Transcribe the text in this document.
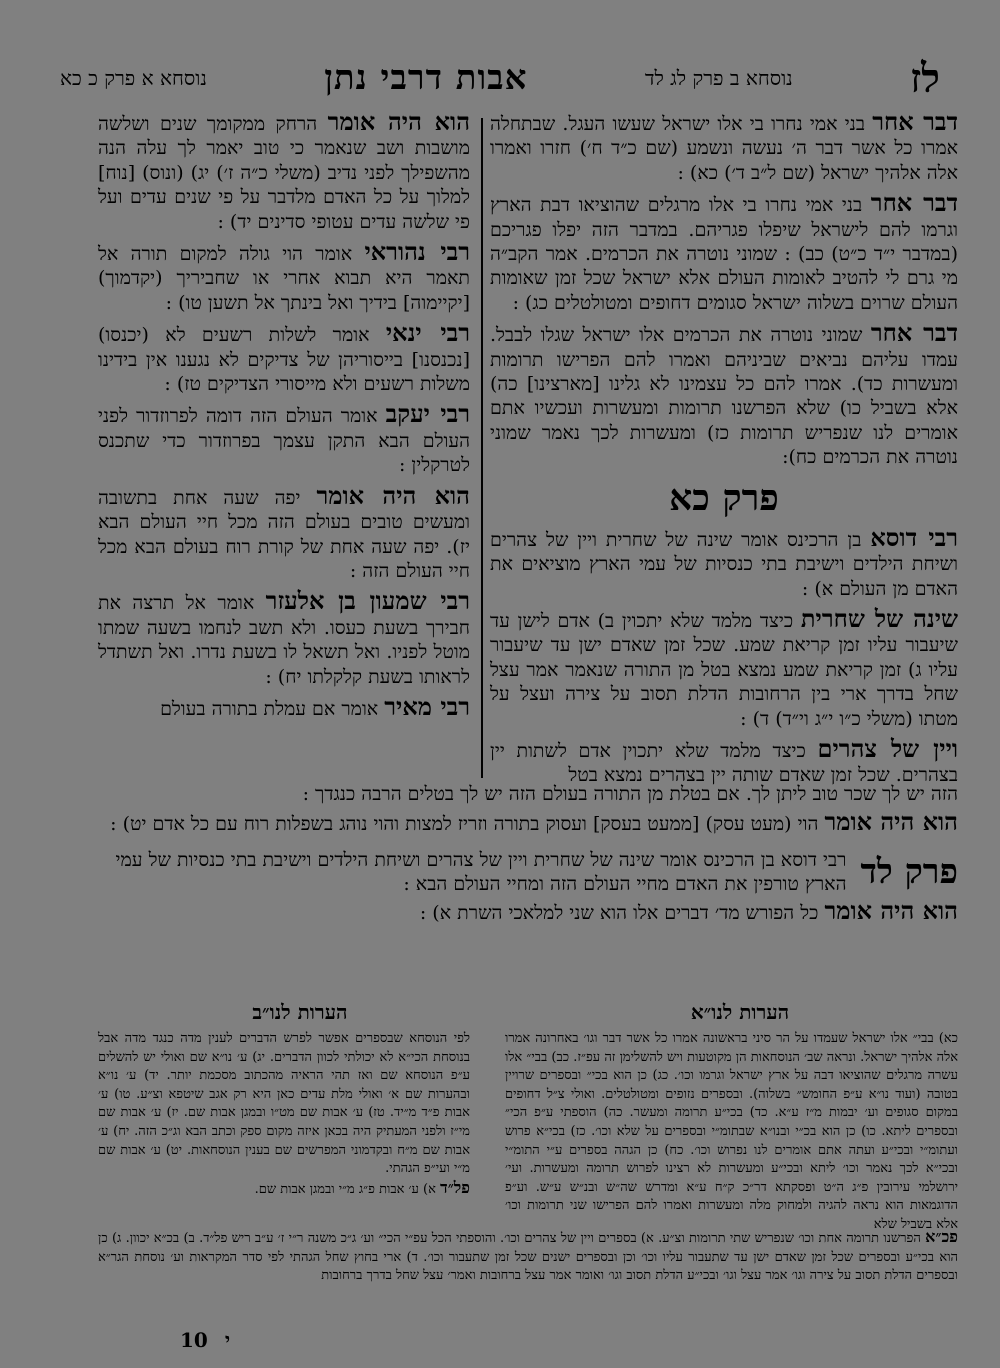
לז
נוסחא ב פרק לג לד
אבות דרבי נתן
נוסחא א פרק כ כא

דבר אחר בני אמי נחרו בי אלו ישראל שעשו העגל. שבתחלה אמרו כל אשר דבר ה׳ נעשה ונשמע (שם כ״ד ח׳) חזרו ואמרו אלה אלהיך ישראל (שם ל״ב ד׳) כא) :

דבר אחר בני אמי נחרו בי אלו מרגלים שהוציאו דבת הארץ וגרמו להם לישראל שיפלו פגריהם. במדבר הזה יפלו פגריכם (במדבר י״ד כ״ט) כב) : שמוני נוטרה את הכרמים. אמר הקב״ה מי גרם לי להטיב לאומות העולם אלא ישראל שכל זמן שאומות העולם שרוים בשלוה ישראל סגומים דחופים ומטולטלים כג) :

דבר אחר שמוני נוטרה את הכרמים אלו ישראל שגלו לבבל. עמדו עליהם נביאים שביניהם ואמרו להם הפרישו תרומות ומעשרות כד). אמרו להם כל עצמינו לא גלינו [מארצינו] כה) אלא בשביל כו) שלא הפרשנו תרומות ומעשרות ועכשיו אתם אומרים לנו שנפריש תרומות כז) ומעשרות לכך נאמר שמוני נוטרה את הכרמים כח):

פרק כא

רבי דוסא בן הרכינס אומר שינה של שחרית ויין של צהרים ושיחת הילדים וישיבת בתי כנסיות של עמי הארץ מוציאים את האדם מן העולם א) :

שינה של שחרית כיצד מלמד שלא יתכוין ב) אדם לישן עד שיעבור עליו זמן קריאת שמע. שכל זמן שאדם ישן עד שיעבור עליו ג) זמן קריאת שמע נמצא בטל מן התורה שנאמר אמר עצל שחל בדרך ארי בין הרחובות הדלת תסוב על צירה ועצל על מטתו (משלי כ״ו י״ג וי״ד) ד) :

ויין של צהרים כיצד מלמד שלא יתכוין אדם לשתות יין בצהרים. שכל זמן שאדם שותה יין בצהרים נמצא בטל

הוא היה אומר הרחק ממקומך שנים ושלשה מושבות ושב שנאמר כי טוב יאמר לך עלה הנה מהשפילך לפני נדיב (משלי כ״ה ז׳) יג) (ונוס) [נוח] למלוך על כל האדם מלדבר על פי שנים עדים ועל פי שלשה עדים עטופי סדינים יד) :

רבי נהוראי אומר הוי גולה למקום תורה אל תאמר היא תבוא אחרי או שחביריך (יקדמוך) [יקיימוה] בידיך ואל בינתך אל תשען טו) :

רבי ינאי אומר לשלות רשעים לא (יכנסו) [נכנסנו] בייסוריהן של צדיקים לא נגענו אין בידינו משלות רשעים ולא מייסורי הצדיקים טז) :

רבי יעקב אומר העולם הזה דומה לפרוזדור לפני העולם הבא התקן עצמך בפרוזדור כדי שתכנס לטרקלין :

הוא היה אומר יפה שעה אחת בתשובה ומעשים טובים בעולם הזה מכל חיי העולם הבא יז). יפה שעה אחת של קורת רוח בעולם הבא מכל חיי העולם הזה :

רבי שמעון בן אלעזר אומר אל תרצה את חבירך בשעת כעסו. ולא תשב לנחמו בשעה שמתו מוטל לפניו. ואל תשאל לו בשעת נדרו. ואל תשתדל לראותו בשעת קלקלתו יח) :

רבי מאיר אומר אם עמלת בתורה בעולם

הזה יש לך שכר טוב ליתן לך. אם בטלת מן התורה בעולם הזה יש לך בטלים הרבה כנגדך :

הוא היה אומר הוי (מעט עסק) [ממעט בעסק] ועסוק בתורה וזריז למצות והוי נוהג בשפלות רוח עם כל אדם יט) :

פרק לד
רבי דוסא בן הרכינס אומר שינה של שחרית ויין של צהרים ושיחת הילדים וישיבת בתי כנסיות של עמי הארץ טורפין את האדם מחיי העולם הזה ומחיי העולם הבא :
הוא היה אומר כל הפורש מד׳ דברים אלו הוא שני למלאכי השרת א) :
הערות לנו״א
הערות לנו״ב
כא) בבי״ אלו ישראל שעמדו על הר סיני בראשונה אמרו כל אשר דבר וגו׳ באחרונה אמרו אלה אלהיך ישראל. ונראה שב׳ הנוסחאות הן מקוטעות ויש להשלימן זה עפ״ז. כב) בבי״ אלו עשרה מרגלים שהוציאו דבה על ארץ ישראל וגרמו וכו׳. כג) כן הוא בכי״ ובספרים שרויין בטובה (ועוד נו״א ע״פ החומש״ בשלוה). ובספרים נזופים ומטולטלים. ואולי צ״ל דחופים במקום סגופים וע׳ יבמות מ״ז ע״א. כד) בכי״ע תרומה ומעשר. כה) הוספתי ע״פ הכי״ ובספרים ליתא. כו) כן הוא בכ״י ובנו״א שבתומ״י ובספרים על שלא וכו׳. כז) בכי״א פרוש ועתומ״י ובכי״ע ועתה אתם אומרים לנו נפרוש וכו׳. כח) כן הגהה בספרים ע״י התומ״י ובכי״א לכך נאמר וכו׳ ליתא ובכי״ע ומעשרות לא רצינו לפרוש תרומה ומעשרות. ועי׳ ירושלמי עירובין פ״ג ה״ט ופסקתא דר״כ ק״ח ע״א ומדרש שה״ש ובנ״ש ע״ש. וע״פ הדוגמאות הוא נראה להגיה ולמחוק מלה ומעשרות ואמרו להם הפרישו שני תרומות וכו׳ אלא בשביל שלא
לפי הנוסחא שבספרים אפשר לפרש הדברים לענין מדה כנגד מדה אבל בנוסחת הכי״א לא יכולתי לכוון הדברים. יג) ע׳ נו״א שם ואולי יש להשלים ע״פ הנוסחא שם ואז תהי הראיה מהכתוב מסכמת יותר. יד) ע׳ נו״א ובהערות שם א׳ ואולי מלת עדים כאן היא רק אגב שיטפא וצ״ע. טו) ע׳ אבות פ״ד מ״יד. טז) ע׳ אבות שם מט״ו ובמגן אבות שם. יז) ע׳ אבות שם מי״ז ולפני המעתיק היה בכאן איזה מקום ספק וכתב הבא וג״כ הזה. יח) ע׳ אבות שם מ״ח ובקדמוני המפרשים שם בענין הנוסחאות. יט) ע׳ אבות שם מ״י ועי״פ הגהתי.
פל״ד א) ע׳ אבות פ״ג מ״י ובמגן אבות שם.
פכ״א הפרשנו תרומה אחת וכו׳ שנפריש שתי תרומות וצ״ע. א) בספרים ויין של צהרים וכו׳. והוספתי הכל עפ״י הכי״ וע׳ ג״כ משנה ר״י ז׳ ע״ב ריש פל״ד. ב) בכ״א יכוון. ג) כן הוא בכי״ע ובספרים שכל זמן שאדם ישן עד שתעבור עליו וכו׳ וכן ובספרים ישנים שכל זמן שתעבור וכו׳. ד) ארי בחוץ שחל הגהתי לפי סדר המקראות וע׳ נוסחת הגר״א ובספרים הדלת תסוב על צירה וגו׳ אמר עצל וגו׳ ובכי״ע הדלת תסוב וגו׳ ואומר אמר עצל ברחובות ואמר׳ עצל שחל בדרך ברחובות
10 י
